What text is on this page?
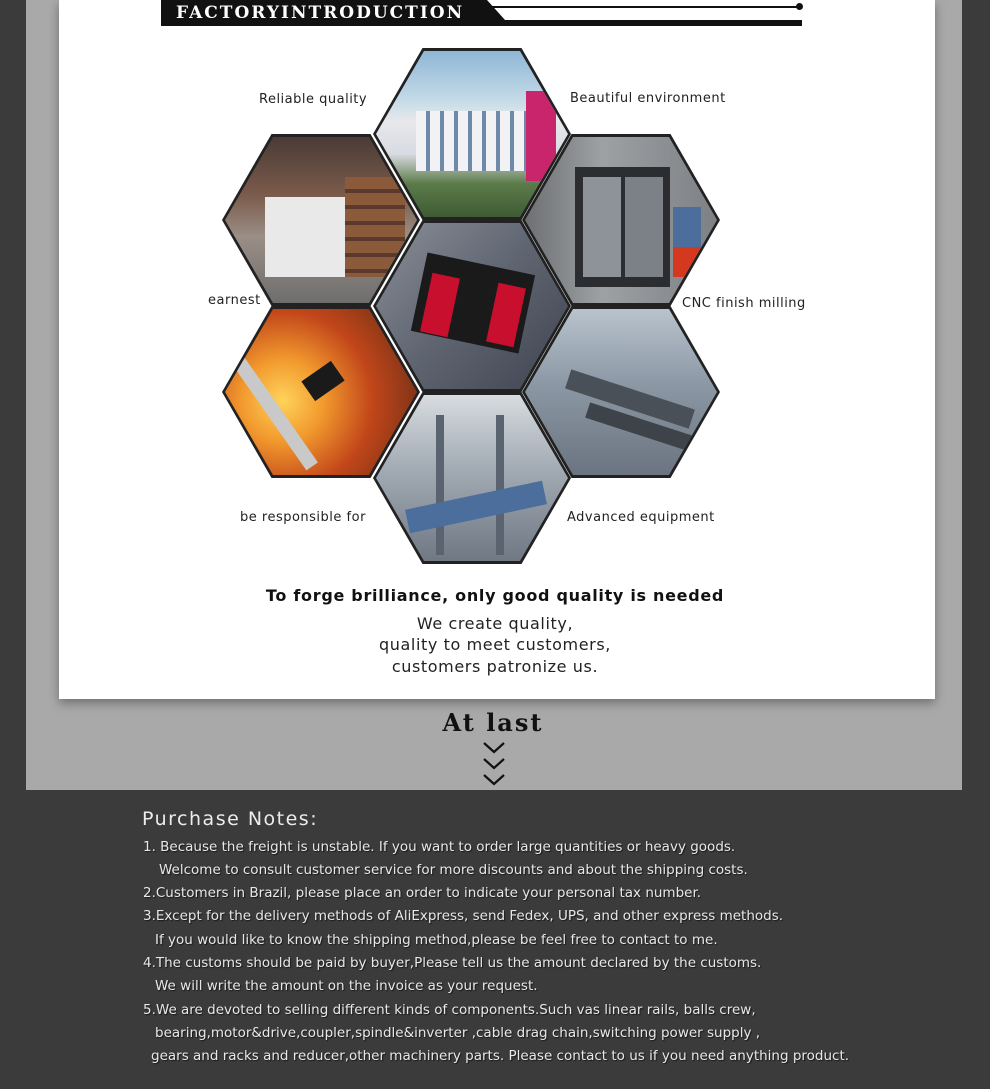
FACTORYINTRODUCTION
Reliable quality	Beautiful environment
earnest	CNC finish milling
be responsible for	Advanced equipment
To forge brilliance, only good quality is needed
We create quality,
quality to meet customers,
customers patronize us.
At last
Purchase Notes:
1. Because the freight is unstable. If you want to order large quantities or heavy goods.
Welcome to consult customer service for more discounts and about the shipping costs.
2.Customers in Brazil, please place an order to indicate your personal tax number.
3.Except for the delivery methods of AliExpress, send Fedex, UPS, and other express methods.
If you would like to know the shipping method,please be feel free to contact to me.
4.The customs should be paid by buyer,Please tell us the amount declared by the customs.
We will write the amount on the invoice as your request.
5.We are devoted to selling different kinds of components.Such vas linear rails, balls crew,
bearing,motor&drive,coupler,spindle&inverter ,cable drag chain,switching power supply ,
gears and racks and reducer,other machinery parts. Please contact to us if you need anything product.
